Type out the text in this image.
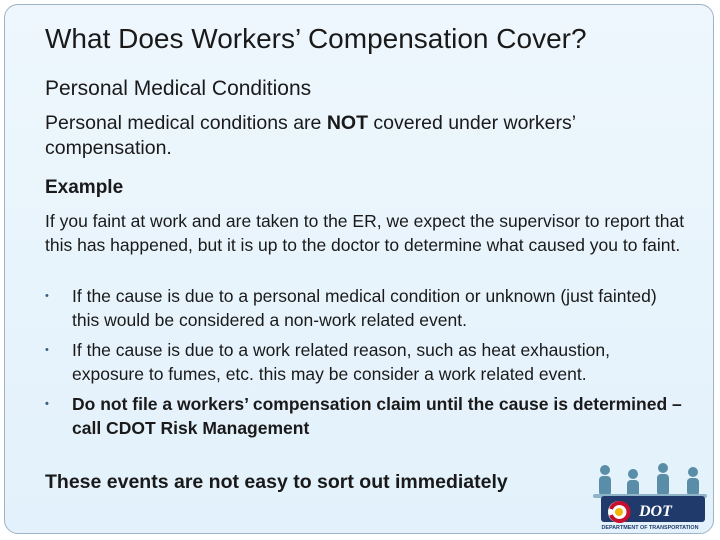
What Does Workers’ Compensation Cover?
Personal Medical Conditions
Personal medical conditions are NOT covered under workers’ compensation.
Example
If you faint at work and are taken to the ER, we expect the supervisor to report that this has happened, but it is up to the doctor to determine what caused you to faint.
• If the cause is due to a personal medical condition or unknown (just fainted) this would be considered a non-work related event.
• If the cause is due to a work related reason, such as heat exhaustion, exposure to fumes, etc. this may be consider a work related event.
• Do not file a workers’ compensation claim until the cause is determined – call CDOT Risk Management
These events are not easy to sort out immediately
DOT
DEPARTMENT OF TRANSPORTATION
